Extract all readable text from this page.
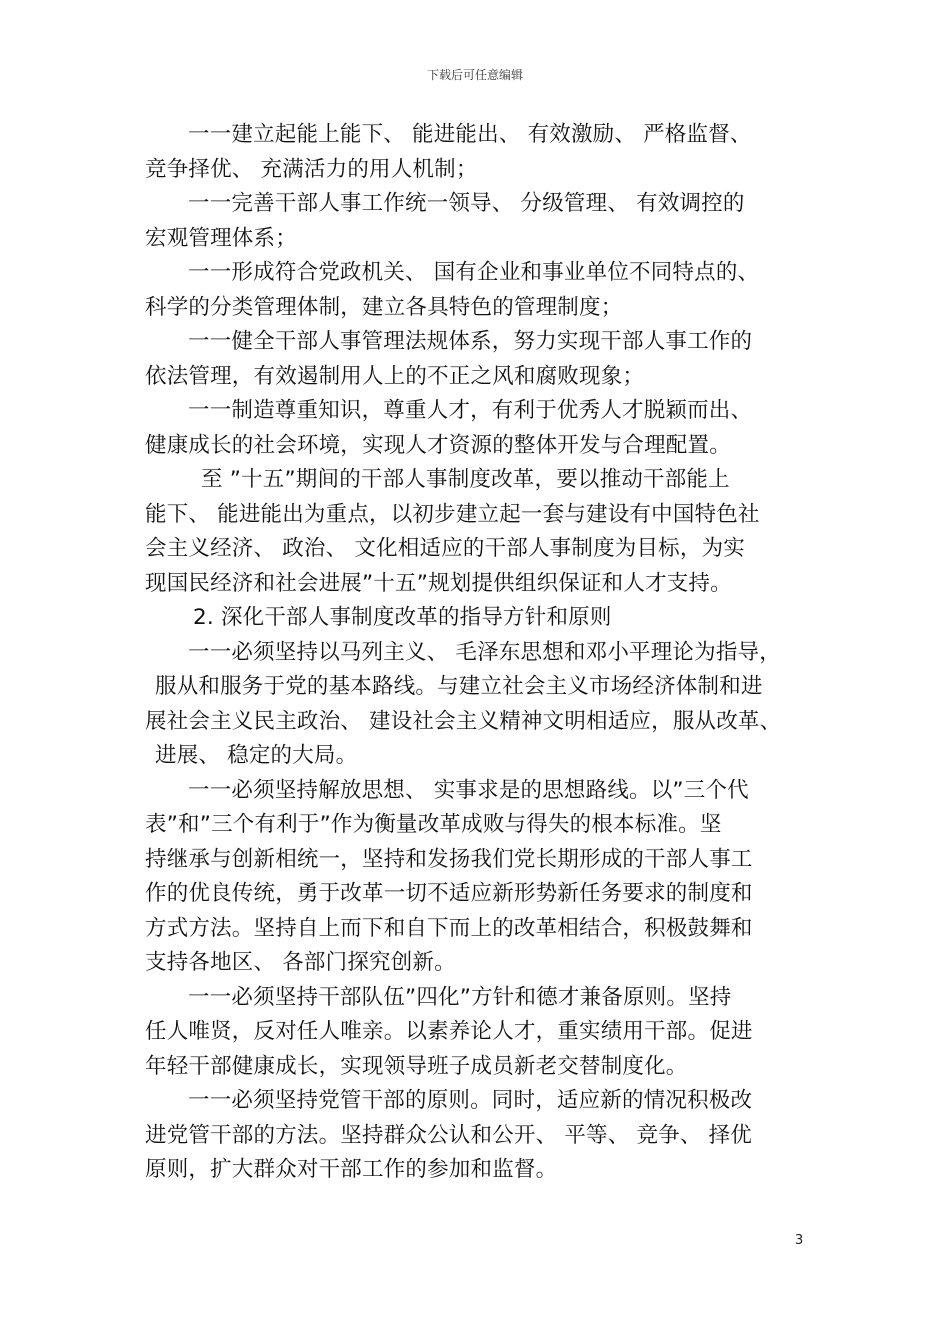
下载后可任意编辑
一一建立起能上能下、 能进能出、 有效激励、 严格监督、
竞争择优、 充满活力的用人机制；
一一完善干部人事工作统一领导、 分级管理、 有效调控的
宏观管理体系；
一一形成符合党政机关、 国有企业和事业单位不同特点的、
科学的分类管理体制，建立各具特色的管理制度；
一一健全干部人事管理法规体系，努力实现干部人事工作的
依法管理，有效遏制用人上的不正之风和腐败现象；
一一制造尊重知识，尊重人才，有利于优秀人才脱颖而出、
健康成长的社会环境，实现人才资源的整体开发与合理配置。
至 ”十五”期间的干部人事制度改革，要以推动干部能上
能下、 能进能出为重点，以初步建立起一套与建设有中国特色社
会主义经济、 政治、 文化相适应的干部人事制度为目标，为实
现国民经济和社会进展”十五”规划提供组织保证和人才支持。
2. 深化干部人事制度改革的指导方针和原则
一一必须坚持以马列主义、 毛泽东思想和邓小平理论为指导，
服从和服务于党的基本路线。与建立社会主义市场经济体制和进
展社会主义民主政治、 建设社会主义精神文明相适应，服从改革、
进展、 稳定的大局。
一一必须坚持解放思想、 实事求是的思想路线。以”三个代
表”和”三个有利于”作为衡量改革成败与得失的根本标准。坚
持继承与创新相统一，坚持和发扬我们党长期形成的干部人事工
作的优良传统，勇于改革一切不适应新形势新任务要求的制度和
方式方法。坚持自上而下和自下而上的改革相结合，积极鼓舞和
支持各地区、 各部门探究创新。
一一必须坚持干部队伍”四化”方针和德才兼备原则。坚持
任人唯贤，反对任人唯亲。以素养论人才，重实绩用干部。促进
年轻干部健康成长，实现领导班子成员新老交替制度化。
一一必须坚持党管干部的原则。同时，适应新的情况积极改
进党管干部的方法。坚持群众公认和公开、 平等、 竞争、 择优
原则，扩大群众对干部工作的参加和监督。
3
